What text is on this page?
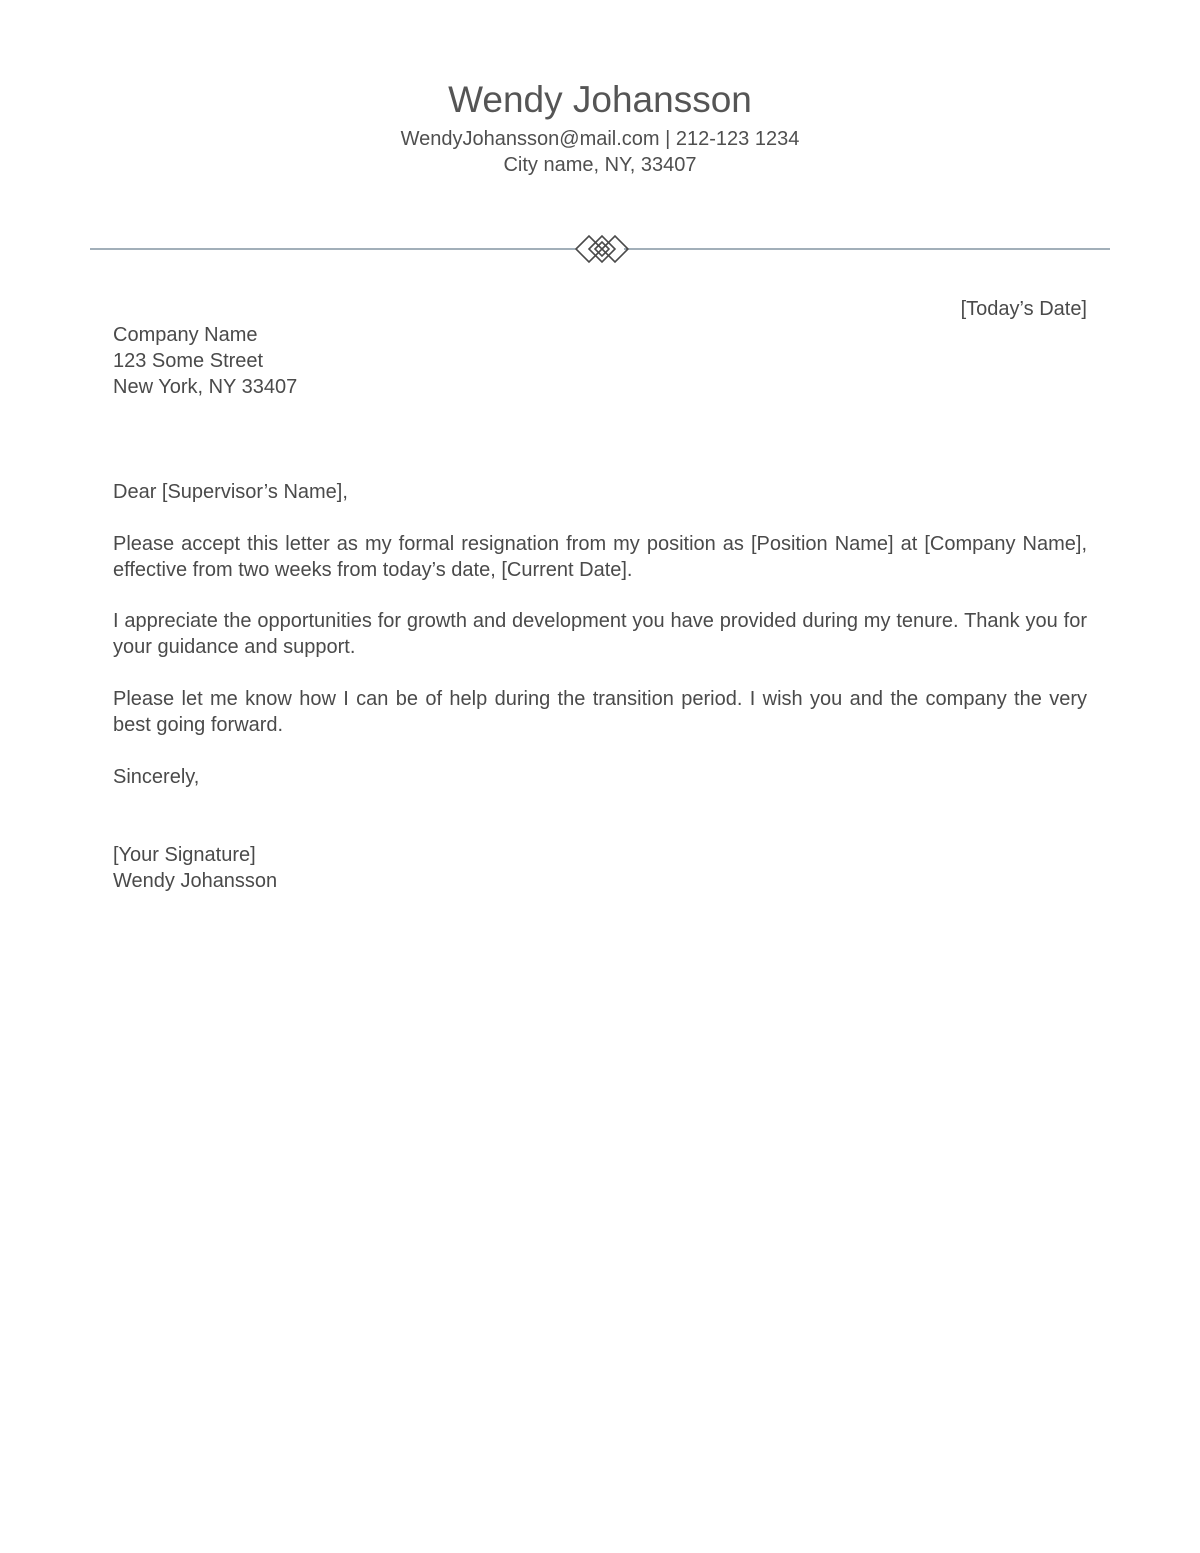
Wendy Johansson

WendyJohansson@mail.com | 212-123 1234

City name, NY, 33407

[Today’s Date]
Company Name
123 Some Street
New York, NY 33407
Dear [Supervisor’s Name],
Please accept this letter as my formal resignation from my position as [Position Name] at [Company Name], effective from two weeks from today’s date, [Current Date].
I appreciate the opportunities for growth and development you have provided during my tenure. Thank you for your guidance and support.
Please let me know how I can be of help during the transition period. I wish you and the company the very best going forward.
Sincerely,
[Your Signature]
Wendy Johansson
